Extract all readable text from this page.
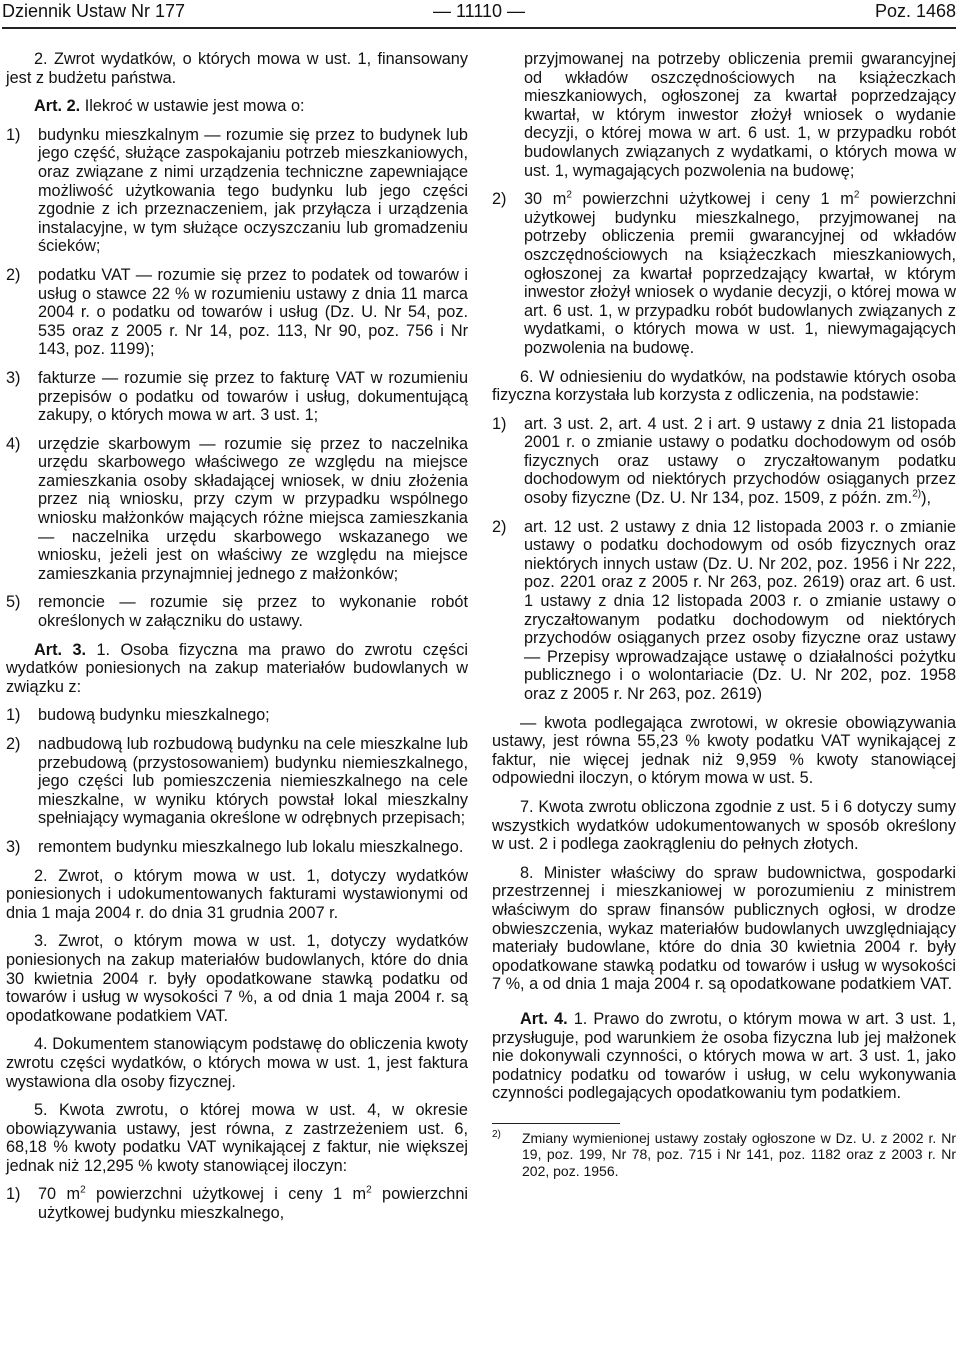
Dziennik Ustaw Nr 177	— 11110 —	Poz. 1468

2. Zwrot wydatków, o których mowa w ust. 1, finansowany jest z budżetu państwa.

Art. 2. Ilekroć w ustawie jest mowa o:

1) budynku mieszkalnym — rozumie się przez to budynek lub jego część, służące zaspokajaniu potrzeb mieszkaniowych, oraz związane z nimi urządzenia techniczne zapewniające możliwość użytkowania tego budynku lub jego części zgodnie z ich przeznaczeniem, jak przyłącza i urządzenia instalacyjne, w tym służące oczyszczaniu lub gromadzeniu ścieków;
2) podatku VAT — rozumie się przez to podatek od towarów i usług o stawce 22 % w rozumieniu ustawy z dnia 11 marca 2004 r. o podatku od towarów i usług (Dz. U. Nr 54, poz. 535 oraz z 2005 r. Nr 14, poz. 113, Nr 90, poz. 756 i Nr 143, poz. 1199);
3) fakturze — rozumie się przez to fakturę VAT w rozumieniu przepisów o podatku od towarów i usług, dokumentującą zakupy, o których mowa w art. 3 ust. 1;
4) urzędzie skarbowym — rozumie się przez to naczelnika urzędu skarbowego właściwego ze względu na miejsce zamieszkania osoby składającej wniosek, w dniu złożenia przez nią wniosku, przy czym w przypadku wspólnego wniosku małżonków mających różne miejsca zamieszkania — naczelnika urzędu skarbowego wskazanego we wniosku, jeżeli jest on właściwy ze względu na miejsce zamieszkania przynajmniej jednego z małżonków;
5) remoncie — rozumie się przez to wykonanie robót określonych w załączniku do ustawy.

Art. 3. 1. Osoba fizyczna ma prawo do zwrotu części wydatków poniesionych na zakup materiałów budowlanych w związku z:

1) budową budynku mieszkalnego;
2) nadbudową lub rozbudową budynku na cele mieszkalne lub przebudową (przystosowaniem) budynku niemieszkalnego, jego części lub pomieszczenia niemieszkalnego na cele mieszkalne, w wyniku których powstał lokal mieszkalny spełniający wymagania określone w odrębnych przepisach;
3) remontem budynku mieszkalnego lub lokalu mieszkalnego.

2. Zwrot, o którym mowa w ust. 1, dotyczy wydatków poniesionych i udokumentowanych fakturami wystawionymi od dnia 1 maja 2004 r. do dnia 31 grudnia 2007 r.

3. Zwrot, o którym mowa w ust. 1, dotyczy wydatków poniesionych na zakup materiałów budowlanych, które do dnia 30 kwietnia 2004 r. były opodatkowane stawką podatku od towarów i usług w wysokości 7 %, a od dnia 1 maja 2004 r. są opodatkowane podatkiem VAT.

4. Dokumentem stanowiącym podstawę do obliczenia kwoty zwrotu części wydatków, o których mowa w ust. 1, jest faktura wystawiona dla osoby fizycznej.

5. Kwota zwrotu, o której mowa w ust. 4, w okresie obowiązywania ustawy, jest równa, z zastrzeżeniem ust. 6, 68,18 % kwoty podatku VAT wynikającej z faktur, nie większej jednak niż 12,295 % kwoty stanowiącej iloczyn:

1) 70 $m^2$ powierzchni użytkowej i ceny 1 $m^2$ powierzchni użytkowej budynku mieszkalnego,

przyjmowanej na potrzeby obliczenia premii gwarancyjnej od wkładów oszczędnościowych na książeczkach mieszkaniowych, ogłoszonej za kwartał poprzedzający kwartał, w którym inwestor złożył wniosek o wydanie decyzji, o której mowa w art. 6 ust. 1, w przypadku robót budowlanych związanych z wydatkami, o których mowa w ust. 1, wymagających pozwolenia na budowę;

2) 30 $m^2$ powierzchni użytkowej i ceny 1 $m^2$ powierzchni użytkowej budynku mieszkalnego, przyjmowanej na potrzeby obliczenia premii gwarancyjnej od wkładów oszczędnościowych na książeczkach mieszkaniowych, ogłoszonej za kwartał poprzedzający kwartał, w którym inwestor złożył wniosek o wydanie decyzji, o której mowa w art. 6 ust. 1, w przypadku robót budowlanych związanych z wydatkami, o których mowa w ust. 1, niewymagających pozwolenia na budowę.

6. W odniesieniu do wydatków, na podstawie których osoba fizyczna korzystała lub korzysta z odliczenia, na podstawie:

1) art. 3 ust. 2, art. 4 ust. 2 i art. 9 ustawy z dnia 21 listopada 2001 r. o zmianie ustawy o podatku dochodowym od osób fizycznych oraz ustawy o zryczałtowanym podatku dochodowym od niektórych przychodów osiąganych przez osoby fizyczne (Dz. U. Nr 134, poz. 1509, z późn. zm.$^{2)}$),
2) art. 12 ust. 2 ustawy z dnia 12 listopada 2003 r. o zmianie ustawy o podatku dochodowym od osób fizycznych oraz niektórych innych ustaw (Dz. U. Nr 202, poz. 1956 i Nr 222, poz. 2201 oraz z 2005 r. Nr 263, poz. 2619) oraz art. 6 ust. 1 ustawy z dnia 12 listopada 2003 r. o zmianie ustawy o zryczałtowanym podatku dochodowym od niektórych przychodów osiąganych przez osoby fizyczne oraz ustawy — Przepisy wprowadzające ustawę o działalności pożytku publicznego i o wolontariacie (Dz. U. Nr 202, poz. 1958 oraz z 2005 r. Nr 263, poz. 2619)

— kwota podlegająca zwrotowi, w okresie obowiązywania ustawy, jest równa 55,23 % kwoty podatku VAT wynikającej z faktur, nie więcej jednak niż 9,959 % kwoty stanowiącej odpowiedni iloczyn, o którym mowa w ust. 5.

7. Kwota zwrotu obliczona zgodnie z ust. 5 i 6 dotyczy sumy wszystkich wydatków udokumentowanych w sposób określony w ust. 2 i podlega zaokrągleniu do pełnych złotych.

8. Minister właściwy do spraw budownictwa, gospodarki przestrzennej i mieszkaniowej w porozumieniu z ministrem właściwym do spraw finansów publicznych ogłosi, w drodze obwieszczenia, wykaz materiałów budowlanych uwzględniający materiały budowlane, które do dnia 30 kwietnia 2004 r. były opodatkowane stawką podatku od towarów i usług w wysokości 7 %, a od dnia 1 maja 2004 r. są opodatkowane podatkiem VAT.

Art. 4. 1. Prawo do zwrotu, o którym mowa w art. 3 ust. 1, przysługuje, pod warunkiem że osoba fizyczna lub jej małżonek nie dokonywali czynności, o których mowa w art. 3 ust. 1, jako podatnicy podatku od towarów i usług, w celu wykonywania czynności podlegających opodatkowaniu tym podatkiem.

2) Zmiany wymienionej ustawy zostały ogłoszone w Dz. U. z 2002 r. Nr 19, poz. 199, Nr 78, poz. 715 i Nr 141, poz. 1182 oraz z 2003 r. Nr 202, poz. 1956.
